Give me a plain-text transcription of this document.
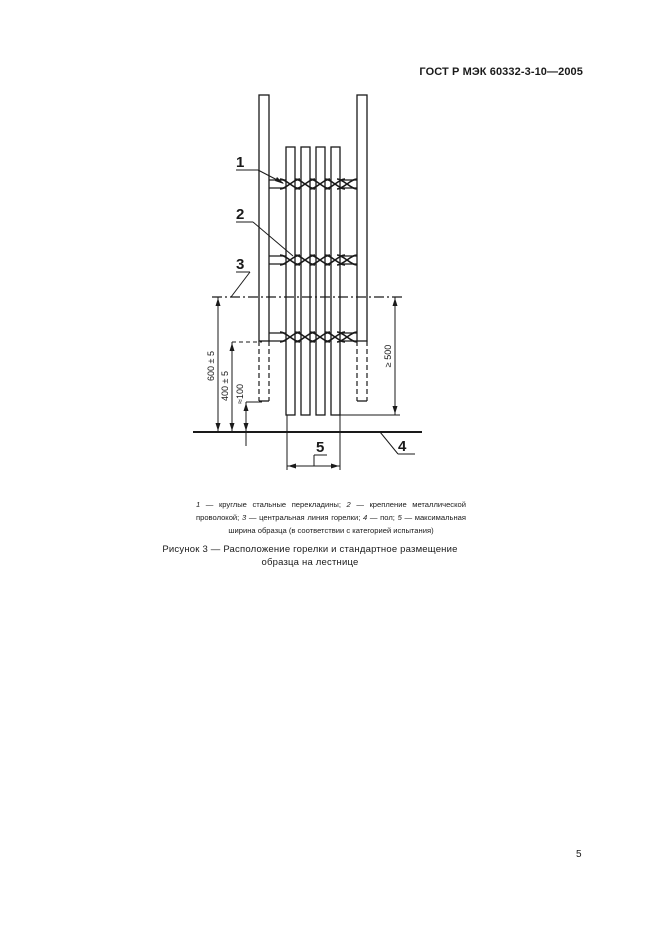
ГОСТ Р МЭК 60332-3-10—2005
600 ± 5
400 ± 5 ≈100
≥ 500
1
2
3
4
5
1 — круглые стальные перекладины; 2 — крепление металлической проволокой; 3 — центральная линия горелки; 4 — пол; 5 — максимальная ширина образца (в соответствии с категорией испытания)
Рисунок 3 — Расположение горелки и стандартное размещение
образца на лестнице
5
